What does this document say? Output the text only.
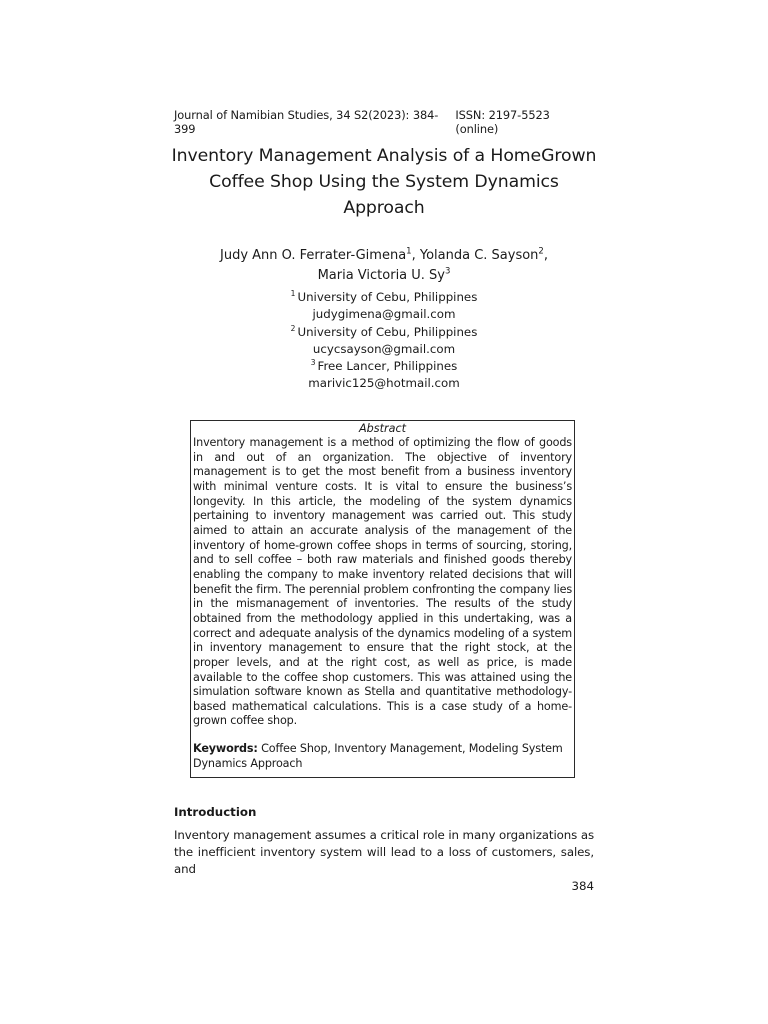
Journal of Namibian Studies, 34 S2(2023): 384-399
ISSN: 2197-5523 (online)
Inventory Management Analysis of a HomeGrown
Coffee Shop Using the System Dynamics
Approach
Judy Ann O. Ferrater-Gimena$^1$, Yolanda C. Sayson$^2$,
Maria Victoria U. Sy$^3$
$^1$ University of Cebu, Philippines
judygimena@gmail.com
$^2$ University of Cebu, Philippines
ucycsayson@gmail.com
$^3$ Free Lancer, Philippines
marivic125@hotmail.com
Abstract
Inventory management is a method of optimizing the flow of goods in and out of an organization. The objective of inventory management is to get the most benefit from a business inventory with minimal venture costs. It is vital to ensure the business’s longevity. In this article, the modeling of the system dynamics pertaining to inventory management was carried out. This study aimed to attain an accurate analysis of the management of the inventory of home-grown coffee shops in terms of sourcing, storing, and to sell coffee – both raw materials and finished goods thereby enabling the company to make inventory related decisions that will benefit the firm. The perennial problem confronting the company lies in the mismanagement of inventories. The results of the study obtained from the methodology applied in this undertaking, was a correct and adequate analysis of the dynamics modeling of a system in inventory management to ensure that the right stock, at the proper levels, and at the right cost, as well as price, is made available to the coffee shop customers. This was attained using the simulation software known as Stella and quantitative methodology-based mathematical calculations. This is a case study of a home-grown coffee shop.
Keywords: Coffee Shop, Inventory Management, Modeling System Dynamics Approach
Introduction
Inventory management assumes a critical role in many organizations as the inefficient inventory system will lead to a loss of customers, sales, and
384
